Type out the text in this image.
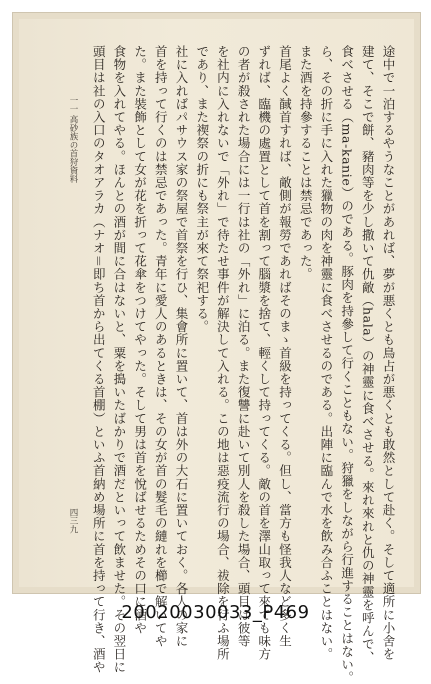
途中で一泊するやうなことがあれば、夢が悪くとも鳥占が悪くとも敢然として赴く。そして適所に小舍を
建て、そこで餅、豬肉等を少し撒いて仇敵（hala）の神靈に食べさせる。來れ來れと仇の神靈を呼んで、
食べさせる（ma-kanie）のである。豚肉を持參して行くこともない。狩獵をしながら行進することはない。
ら、その折に手に入れた獵物の肉を神靈に食べさせるのである。出陣に臨んで水を飲み合ふことはない。
また酒を持參することは禁忌であった。
首尾よく馘首すれば、敵側が報勞であればそのまゝ首級を持ってくる。但し、當方も怪我人など多く生
ずれば、臨機の處置として首を割って腦漿を捨て、輕くして持ってくる。敵の首を澤山取って來ても味方
の者が殺された場合には一行は社の「外れ」に泊る。また復讐に赴いて別人を殺した場合、頭目は彼等
を社内に入れないで「外れ」で待たせ事件が解決して入れる。この地は惡疫流行の場合、祓除を行ふ場所
であり、また禊祭の折にも祭主が來て祭祀する。
社に入ればパサウス家の祭屋で首祭を行ひ、集會所に置いて、首は外の大石に置いておく。各人の家に
首を持って行くのは禁忌であった。青年に愛人のあるときは、その女が首の髮毛の縺れを櫛で解いてや
た。また裝飾として女が花を折って花傘をつけてやった。そして男は首を悅ばせるためその口に酒や
食物を入れてやる。ほんとの酒が間に合はないと、粟を搗いたばかりで酒だといって飲ませた。その翌日に
頭目は社の入口のタオアラカ（ナオ＝即ち首から出てくる首棚）といふ首納め場所に首を持って行き、酒や
一一
高砂族の首狩資料
四三九
20020030033_P469
